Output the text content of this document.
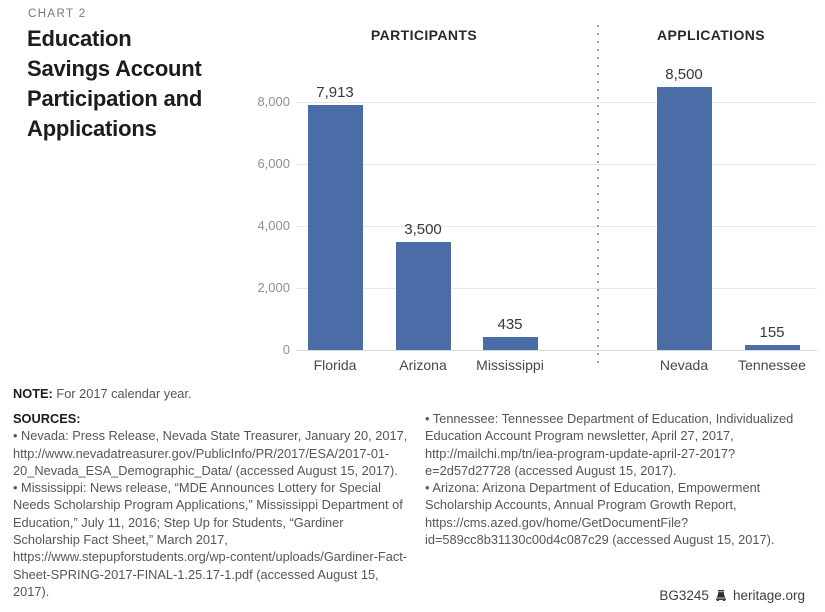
CHART 2
Education
Savings Account
Participation and
Applications
0
2,000
4,000
6,000
8,000
PARTICIPANTS
7,913
Florida
3,500
Arizona
435
Mississippi
APPLICATIONS
8,500
Nevada
155
Tennessee
NOTE: For 2017 calendar year.
SOURCES:

• Nevada: Press Release, Nevada State Treasurer, January 20, 2017, http://www.nevadatreasurer.gov/PublicInfo/PR/2017/ESA/2017-01-20_Nevada_ESA_Demographic_Data/ (accessed August 15, 2017).

• Mississippi: News release, “MDE Announces Lottery for Special Needs Scholarship Program Applications,” Mississippi Department of Education,” July 11, 2016; Step Up for Students, “Gardiner Scholarship Fact Sheet,” March 2017, https://www.stepupforstudents.org/wp-content/uploads/Gardiner-Fact-Sheet-SPRING-2017-FINAL-1.25.17-1.pdf (accessed August 15, 2017).

• Tennessee: Tennessee Department of Education, Individualized Education Account Program newsletter, April 27, 2017, http://mailchi.mp/tn/iea-program-update-april-27-2017?e=2d57d27728 (accessed August 15, 2017).

• Arizona: Arizona Department of Education, Empowerment Scholarship Accounts, Annual Program Growth Report, https://cms.azed.gov/home/GetDocumentFile?id=589cc8b31130c00d4c087c29 (accessed August 15, 2017).

BG3245 heritage.org
